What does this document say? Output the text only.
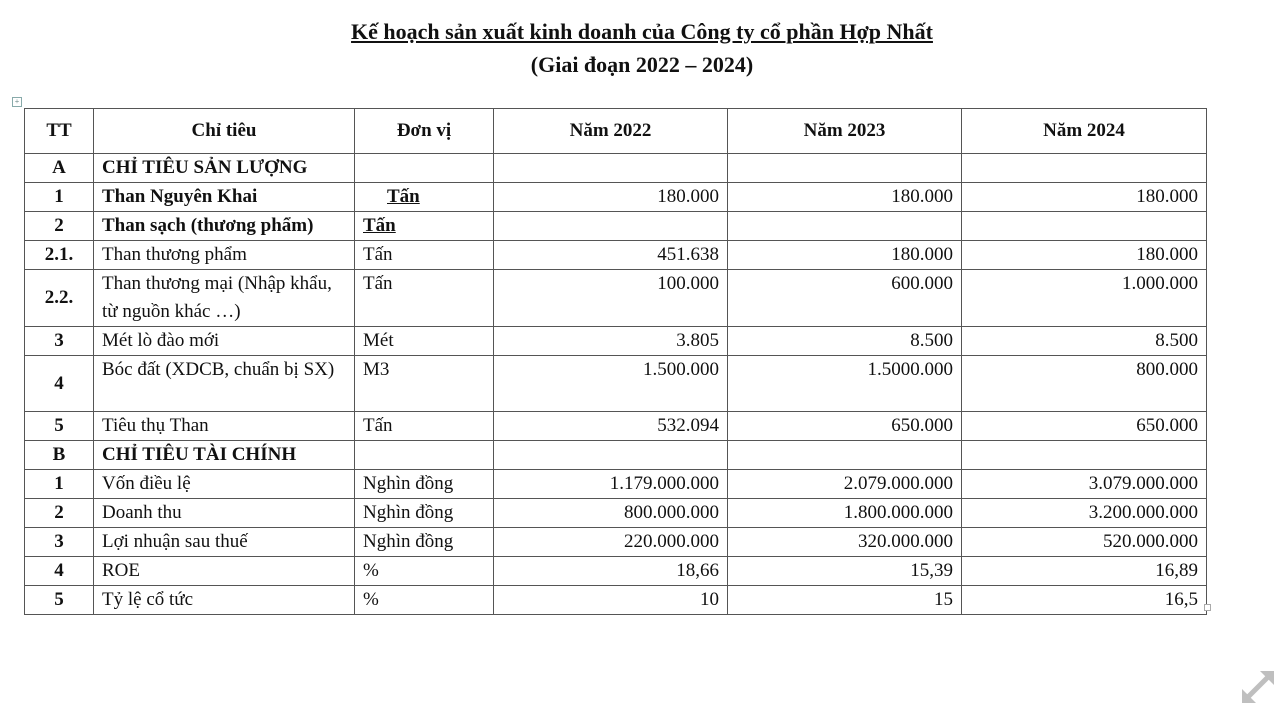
Kế hoạch sản xuất kinh doanh của Công ty cổ phần Hợp Nhất
(Giai đoạn 2022 – 2024)
+
TT	Chỉ tiêu	Đơn vị	Năm 2022	Năm 2023	Năm 2024
A	CHỈ TIÊU SẢN LƯỢNG				
1	Than Nguyên Khai	Tấn	180.000	180.000	180.000
2	Than sạch (thương phẩm)	Tấn			
2.1.	Than thương phẩm	Tấn	451.638	180.000	180.000
2.2.	Than thương mại (Nhập khẩu, từ nguồn khác …)	Tấn	100.000	600.000	1.000.000
3	Mét lò đào mới	Mét	3.805	8.500	8.500
4	Bóc đất (XDCB, chuẩn bị SX)	M3	1.500.000	1.5000.000	800.000
5	Tiêu thụ Than	Tấn	532.094	650.000	650.000
B	CHỈ TIÊU TÀI CHÍNH				
1	Vốn điều lệ	Nghìn đồng	1.179.000.000	2.079.000.000	3.079.000.000
2	Doanh thu	Nghìn đồng	800.000.000	1.800.000.000	3.200.000.000
3	Lợi nhuận sau thuế	Nghìn đồng	220.000.000	320.000.000	520.000.000
4	ROE	%	18,66	15,39	16,89
5	Tỷ lệ cổ tức	%	10	15	16,5
